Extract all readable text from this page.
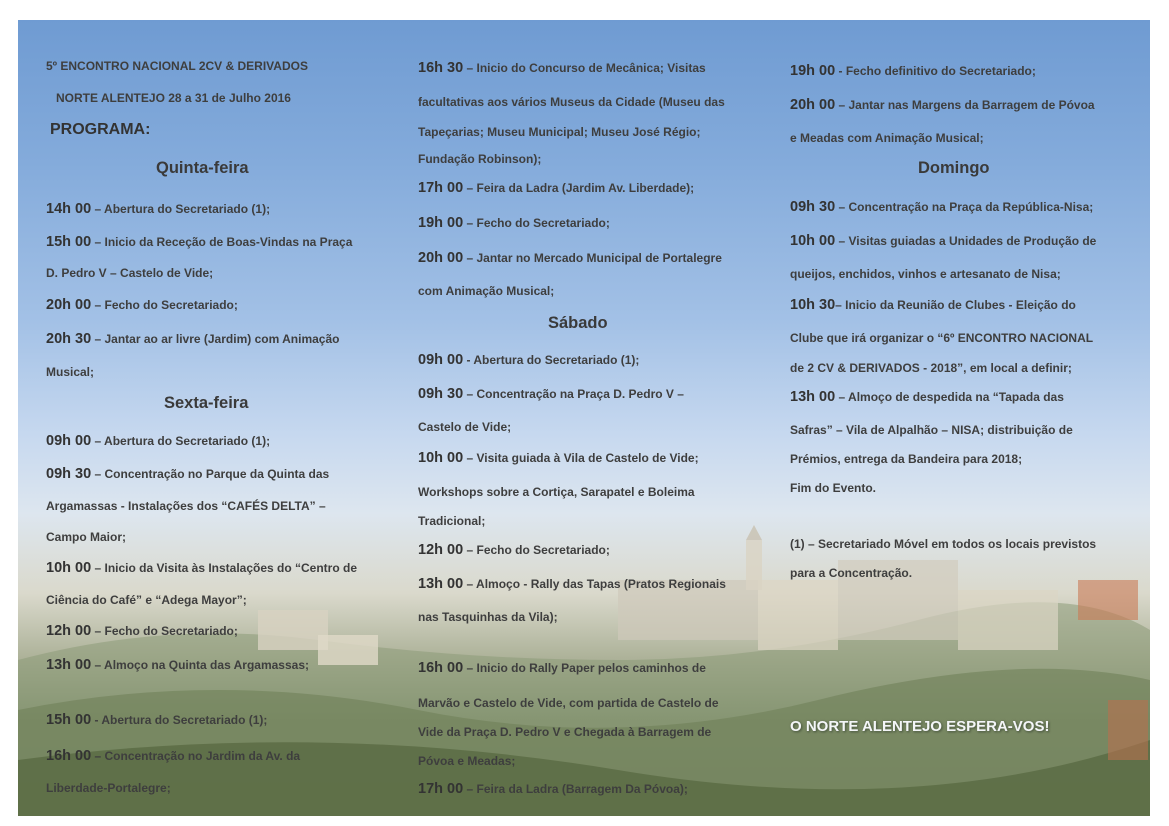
5º ENCONTRO NACIONAL 2CV & DERIVADOS
NORTE ALENTEJO 28 a 31 de Julho 2016
PROGRAMA:
Quinta-feira
14h 00 – Abertura do Secretariado (1);
15h 00 – Inicio da Receção de Boas-Vindas na Praça
D. Pedro V – Castelo de Vide;
20h 00 – Fecho do Secretariado;
20h 30 – Jantar ao ar livre (Jardim) com Animação
Musical;
Sexta-feira
09h 00 – Abertura do Secretariado (1);
09h 30 – Concentração no Parque da Quinta das
Argamassas - Instalações dos “CAFÉS DELTA” –
Campo Maior;
10h 00 – Inicio da Visita às Instalações do “Centro de
Ciência do Café” e “Adega Mayor”;
12h 00 – Fecho do Secretariado;
13h 00 – Almoço na Quinta das Argamassas;
15h 00 - Abertura do Secretariado (1);
16h 00 – Concentração no Jardim da Av. da
Liberdade-Portalegre;
16h 30 – Inicio do Concurso de Mecânica; Visitas
facultativas aos vários Museus da Cidade (Museu das
Tapeçarias; Museu Municipal; Museu José Régio;
Fundação Robinson);
17h 00 – Feira da Ladra (Jardim Av. Liberdade);
19h 00 – Fecho do Secretariado;
20h 00 – Jantar no Mercado Municipal de Portalegre
com Animação Musical;
Sábado
09h 00 - Abertura do Secretariado (1);
09h 30 – Concentração na Praça D. Pedro V –
Castelo de Vide;
10h 00 – Visita guiada à Vila de Castelo de Vide;
Workshops sobre a Cortiça, Sarapatel e Boleima
Tradicional;
12h 00 – Fecho do Secretariado;
13h 00 – Almoço - Rally das Tapas (Pratos Regionais
nas Tasquinhas da Vila);
16h 00 – Inicio do Rally Paper pelos caminhos de
Marvão e Castelo de Vide, com partida de Castelo de
Vide da Praça D. Pedro V e Chegada à Barragem de
Póvoa e Meadas;
17h 00 – Feira da Ladra (Barragem Da Póvoa);
19h 00 - Fecho definitivo do Secretariado;
20h 00 – Jantar nas Margens da Barragem de Póvoa
e Meadas com Animação Musical;
Domingo
09h 30 – Concentração na Praça da República-Nisa;
10h 00 – Visitas guiadas a Unidades de Produção de
queijos, enchidos, vinhos e artesanato de Nisa;
10h 30– Inicio da Reunião de Clubes - Eleição do
Clube que irá organizar o “6º ENCONTRO NACIONAL
de 2 CV & DERIVADOS - 2018”, em local a definir;
13h 00 – Almoço de despedida na “Tapada das
Safras” – Vila de Alpalhão – NISA; distribuição de
Prémios, entrega da Bandeira para 2018;
Fim do Evento.
(1) – Secretariado Móvel em todos os locais previstos
para a Concentração.
O NORTE ALENTEJO ESPERA-VOS!
